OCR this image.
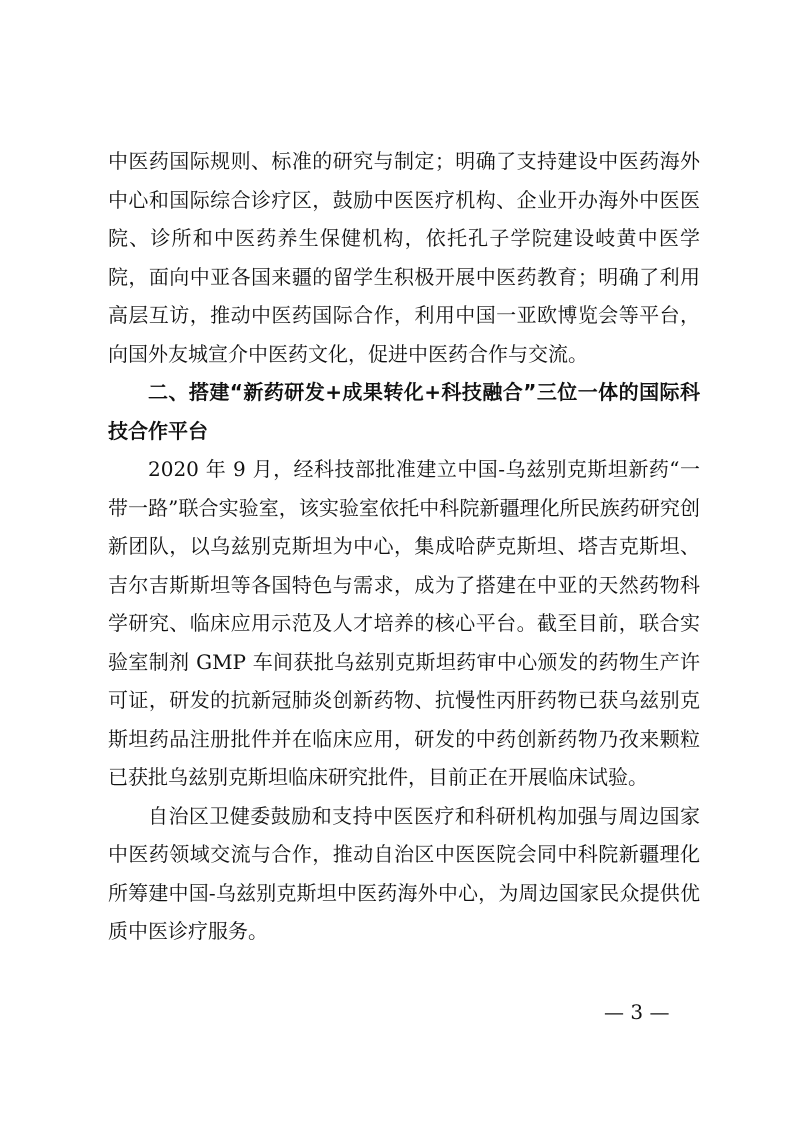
中医药国际规则、标准的研究与制定；明确了支持建设中医药海外中心和国际综合诊疗区，鼓励中医医疗机构、企业开办海外中医医院、诊所和中医药养生保健机构，依托孔子学院建设岐黄中医学院，面向中亚各国来疆的留学生积极开展中医药教育；明确了利用高层互访，推动中医药国际合作，利用中国一亚欧博览会等平台，向国外友城宣介中医药文化，促进中医药合作与交流。

二、搭建“新药研发+成果转化+科技融合”三位一体的国际科技合作平台

2020 年 9 月，经科技部批准建立中国-乌兹别克斯坦新药“一带一路”联合实验室，该实验室依托中科院新疆理化所民族药研究创新团队，以乌兹别克斯坦为中心，集成哈萨克斯坦、塔吉克斯坦、吉尔吉斯斯坦等各国特色与需求，成为了搭建在中亚的天然药物科学研究、临床应用示范及人才培养的核心平台。截至目前，联合实验室制剂 GMP 车间获批乌兹别克斯坦药审中心颁发的药物生产许可证，研发的抗新冠肺炎创新药物、抗慢性丙肝药物已获乌兹别克斯坦药品注册批件并在临床应用，研发的中药创新药物乃孜来颗粒已获批乌兹别克斯坦临床研究批件，目前正在开展临床试验。

自治区卫健委鼓励和支持中医医疗和科研机构加强与周边国家中医药领域交流与合作，推动自治区中医医院会同中科院新疆理化所筹建中国-乌兹别克斯坦中医药海外中心，为周边国家民众提供优质中医诊疗服务。

— 3 —
